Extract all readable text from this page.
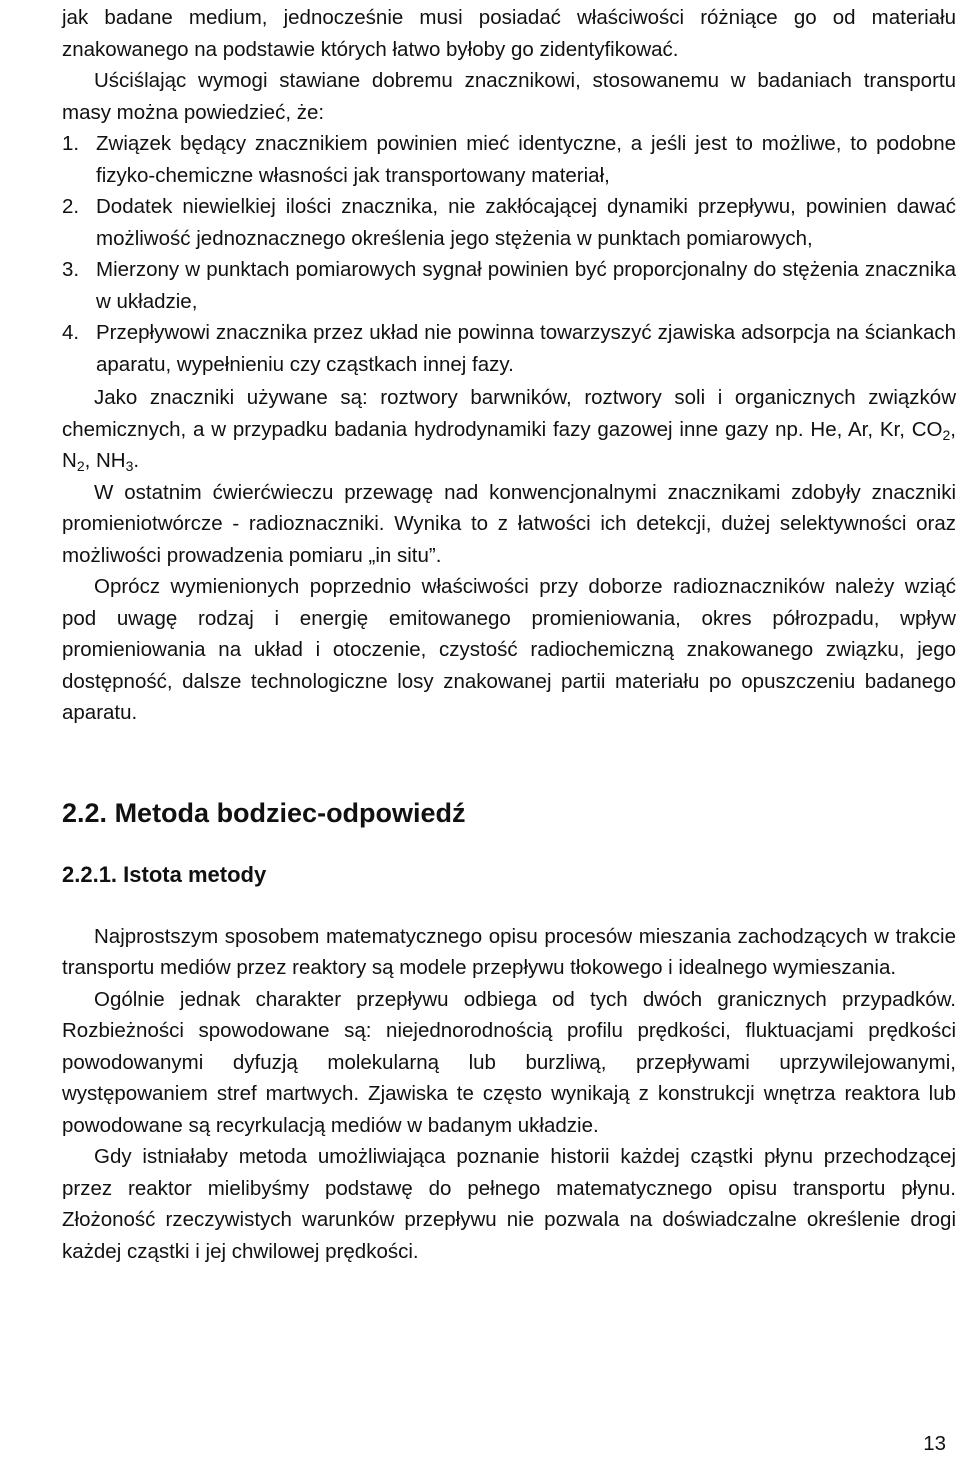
jak badane medium, jednocześnie musi posiadać właściwości różniące go od materiału znakowanego na podstawie których łatwo byłoby go zidentyfikować.

Uściślając wymogi stawiane dobremu znacznikowi, stosowanemu w badaniach transportu masy można powiedzieć, że:

1. Związek będący znacznikiem powinien mieć identyczne, a jeśli jest to możliwe, to podobne fizyko-chemiczne własności jak transportowany materiał,
2. Dodatek niewielkiej ilości znacznika, nie zakłócającej dynamiki przepływu, powinien dawać możliwość jednoznacznego określenia jego stężenia w punktach pomiarowych,
3. Mierzony w punktach pomiarowych sygnał powinien być proporcjonalny do stężenia znacznika w układzie,
4. Przepływowi znacznika przez układ nie powinna towarzyszyć zjawiska adsorpcja na ściankach aparatu, wypełnieniu czy cząstkach innej fazy.

Jako znaczniki używane są: roztwory barwników, roztwory soli i organicznych związków chemicznych, a w przypadku badania hydrodynamiki fazy gazowej inne gazy np. He, Ar, Kr, $CO_2$, $N_2$, $NH_3$.

W ostatnim ćwierćwieczu przewagę nad konwencjonalnymi znacznikami zdobyły znaczniki promieniotwórcze - radioznaczniki. Wynika to z łatwości ich detekcji, dużej selektywności oraz możliwości prowadzenia pomiaru „in situ”.

Oprócz wymienionych poprzednio właściwości przy doborze radioznaczników należy wziąć pod uwagę rodzaj i energię emitowanego promieniowania, okres półrozpadu, wpływ promieniowania na układ i otoczenie, czystość radiochemiczną znakowanego związku, jego dostępność, dalsze technologiczne losy znakowanej partii materiału po opuszczeniu badanego aparatu.

2.2. Metoda bodziec-odpowiedź
2.2.1. Istota metody

Najprostszym sposobem matematycznego opisu procesów mieszania zachodzących w trakcie transportu mediów przez reaktory są modele przepływu tłokowego i idealnego wymieszania.

Ogólnie jednak charakter przepływu odbiega od tych dwóch granicznych przypadków. Rozbieżności spowodowane są: niejednorodnością profilu prędkości, fluktuacjami prędkości powodowanymi dyfuzją molekularną lub burzliwą, przepływami uprzywilejowanymi, występowaniem stref martwych. Zjawiska te często wynikają z konstrukcji wnętrza reaktora lub powodowane są recyrkulacją mediów w badanym układzie.

Gdy istniałaby metoda umożliwiająca poznanie historii każdej cząstki płynu przechodzącej przez reaktor mielibyśmy podstawę do pełnego matematycznego opisu transportu płynu. Złożoność rzeczywistych warunków przepływu nie pozwala na doświadczalne określenie drogi każdej cząstki i jej chwilowej prędkości.

13
